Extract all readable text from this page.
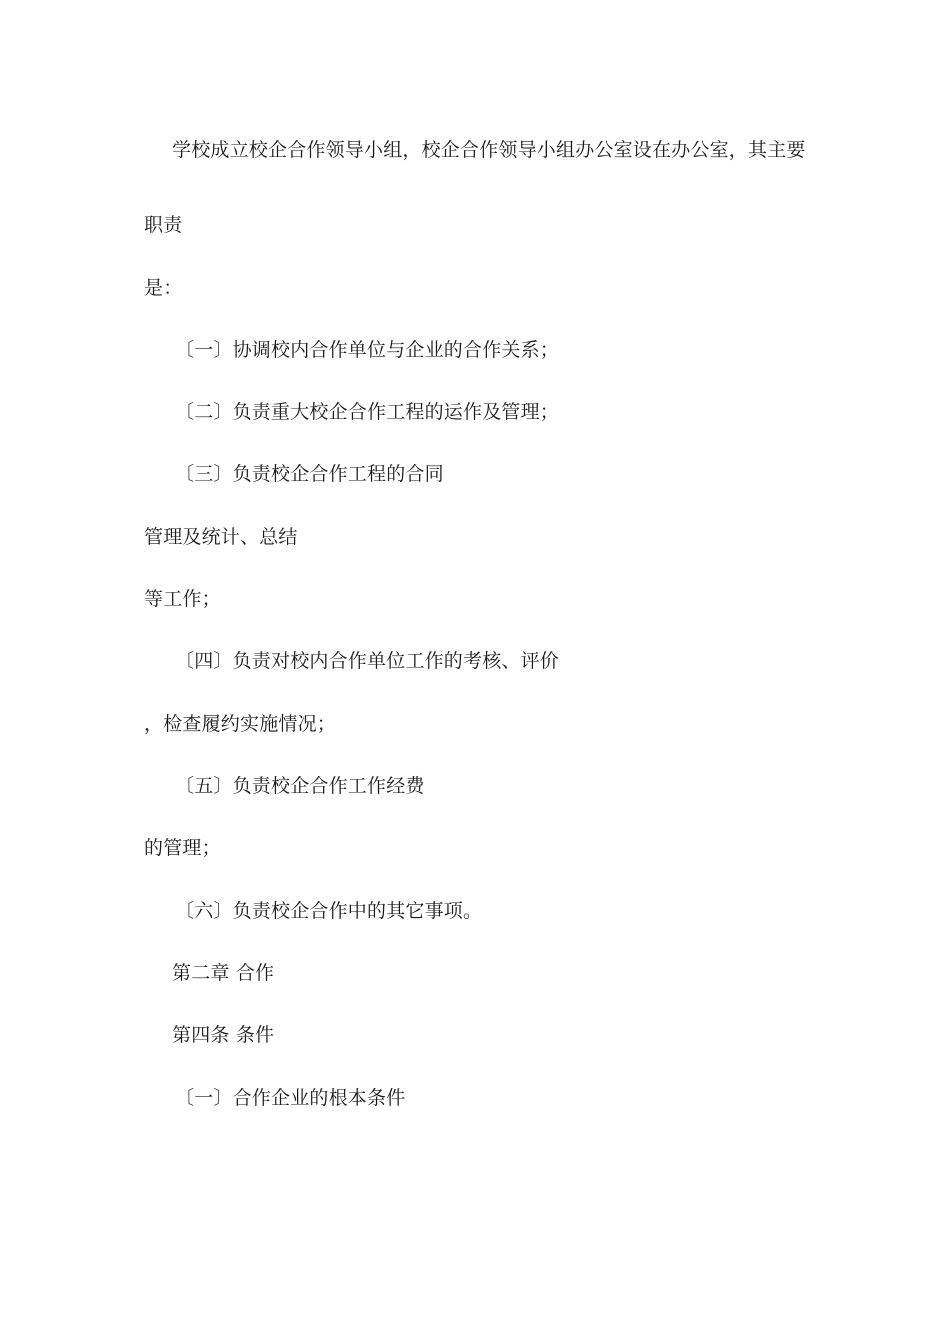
学校成立校企合作领导小组，校企合作领导小组办公室设在办公室，其主要
职责
是：
〔一〕协调校内合作单位与企业的合作关系；
〔二〕负责重大校企合作工程的运作及管理；
〔三〕负责校企合作工程的合同
管理及统计、总结
等工作；
〔四〕负责对校内合作单位工作的考核、评价
，检查履约实施情况；
〔五〕负责校企合作工作经费
的管理；
〔六〕负责校企合作中的其它事项。
第二章 合作
第四条 条件
〔一〕合作企业的根本条件
